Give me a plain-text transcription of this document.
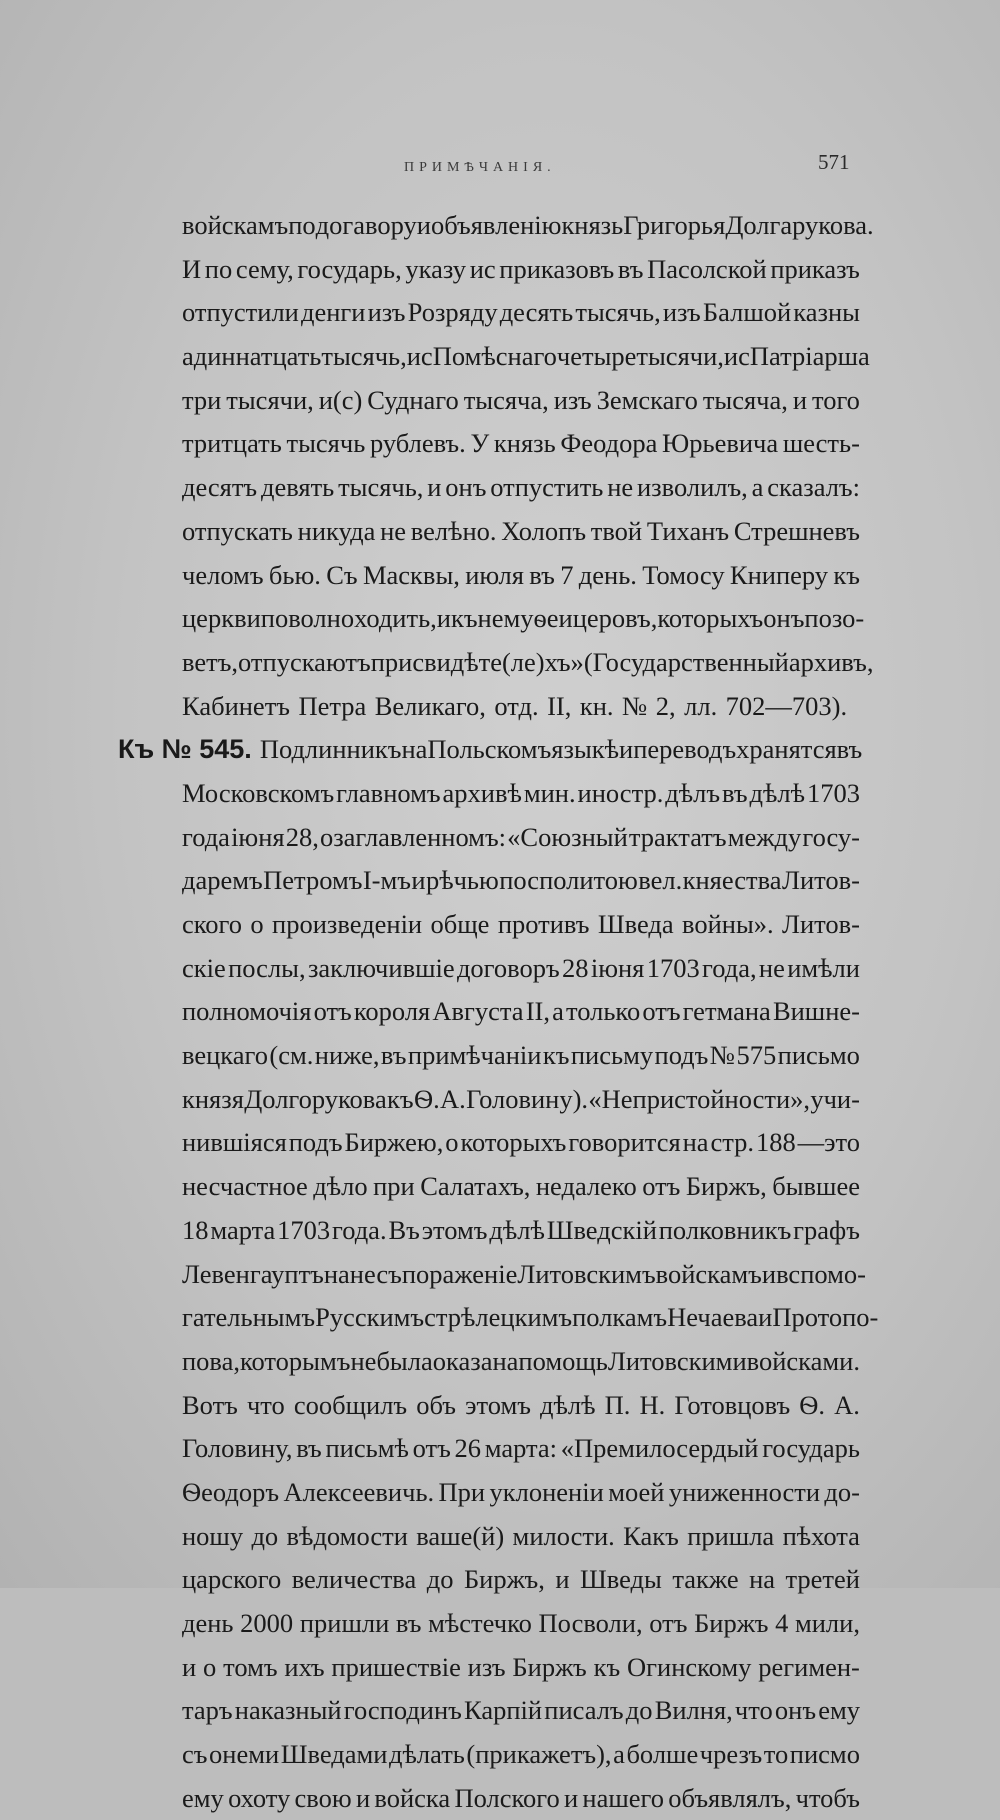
ПРИМѢЧАНІЯ.	571
войскамъ по догавору и объявленію князь Григорья Долгарукова.
И по сему, государь, указу ис приказовъ въ Пасолской приказъ
отпустили денги изъ Розряду десять тысячь, изъ Балшой казны
адиннатцать тысячь, ис Помѣснаго четыре тысячи, ис Патріарша
три тысячи, и(с) Суднаго тысяча, изъ Земскаго тысяча, и того
тритцать тысячь рублевъ. У князь Феодора Юрьевича шесть-
десятъ девять тысячь, и онъ отпустить не изволилъ, а сказалъ:
отпускать никуда не велѣно. Холопъ твой Тиханъ Стрешневъ
челомъ бью. Съ Масквы, июля въ 7 день. Томосу Книперу къ
церкви поволно ходить, и къ нему ѳеицеровъ, которыхъ онъ позо-
ветъ, отпускаютъ при свидѣте(ле)хъ» (Государственный архивъ,
Кабинетъ Петра Великаго, отд. II, кн. № 2, лл. 702—703).
Къ № 545. Подлинникъ на Польскомъ языкѣ и переводъ хранятся въ
Московскомъ главномъ архивѣ мин. иностр. дѣлъ въ дѣлѣ 1703
года іюня 28, озаглавленномъ: «Союзный трактатъ между госу-
даремъ Петромъ I-мъ и рѣчью посполитою вел. княества Литов-
ского о произведеніи обще противъ Шведа войны». Литов-
скіе послы, заключившіе договоръ 28 іюня 1703 года, не имѣли
полномочія отъ короля Августа II, а только отъ гетмана Вишне-
вецкаго (см. ниже, въ примѣчаніи къ письму подъ № 575 письмо
князя Долгорукова къ Ѳ. А. Головину). «Непристойности», учи-
нившіяся подъ Биржею, о которыхъ говорится на стр. 188 —это
несчастное дѣло при Салатахъ, недалеко отъ Биржъ, бывшее
18 марта 1703 года. Въ этомъ дѣлѣ Шведскій полковникъ графъ
Левенгауптъ нанесъ пораженіе Литовскимъ войскамъ и вспомо-
гательнымъ Русскимъ стрѣлецкимъ полкамъ Нечаева и Протопо-
пова, которымъ не была оказана помощь Литовскими войсками.
Вотъ что сообщилъ объ этомъ дѣлѣ П. Н. Готовцовъ Ѳ. А.
Головину, въ письмѣ отъ 26 марта: «Премилосердый государь
Ѳеодоръ Алексеевичь. При уклоненіи моей униженности до-
ношу до вѣдомости ваше(й) милости. Какъ пришла пѣхота
царского величества до Биржъ, и Шведы также на третей
день 2000 пришли въ мѣстечко Посволи, отъ Биржъ 4 мили,
и о томъ ихъ пришествіе изъ Биржъ къ Огинскому регимен-
таръ наказный господинъ Карпій писалъ до Вилня, что онъ ему
съ онеми Шведами дѣлать (прикажетъ), а болше чрезъ то писмо
ему охоту свою и войска Полского и нашего объявлялъ, чтобъ
